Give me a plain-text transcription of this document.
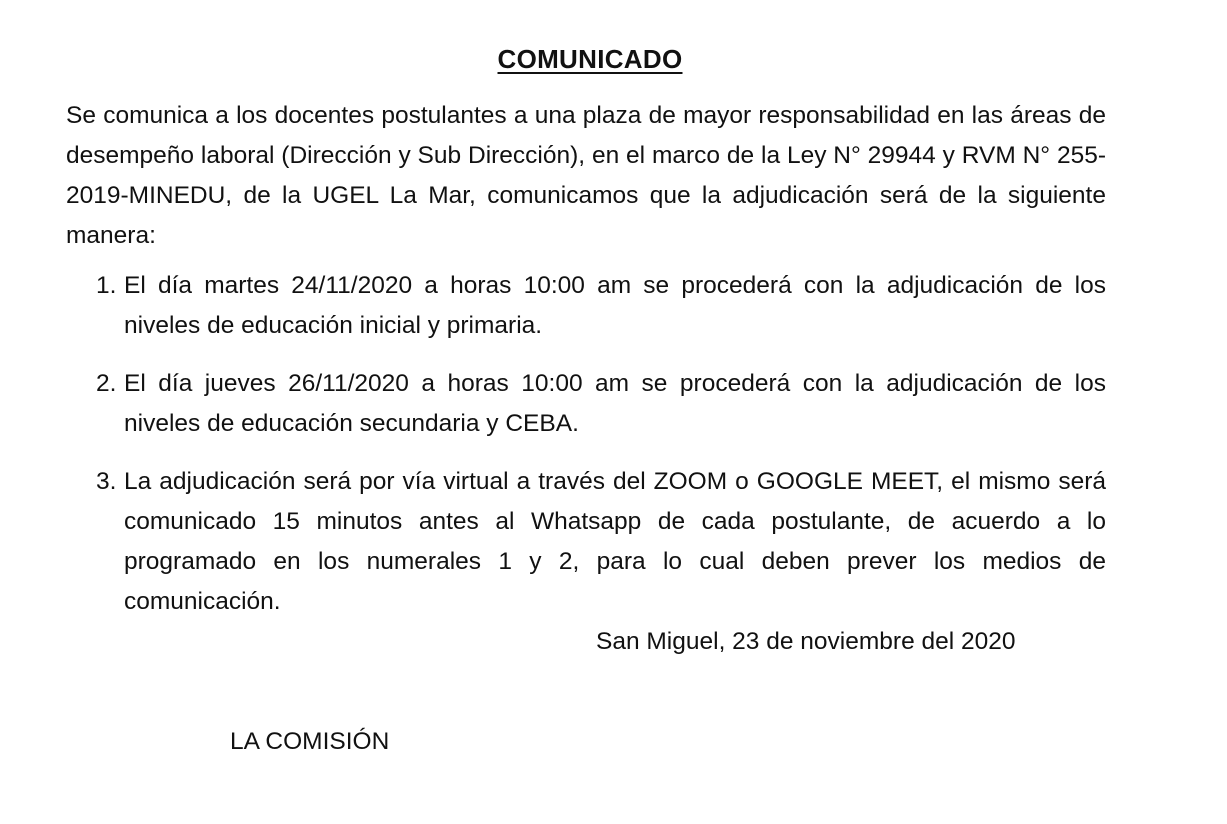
COMUNICADO

Se comunica a los docentes postulantes a una plaza de mayor responsabilidad en las áreas de desempeño laboral (Dirección y Sub Dirección), en el marco de la Ley N° 29944 y RVM N° 255-2019-MINEDU, de la UGEL La Mar, comunicamos que la adjudicación será de la siguiente manera:

1. El día martes 24/11/2020 a horas 10:00 am se procederá con la adjudicación de los niveles de educación inicial y primaria.
2. El día jueves 26/11/2020 a horas 10:00 am se procederá con la adjudicación de los niveles de educación secundaria y CEBA.
3. La adjudicación será por vía virtual a través del ZOOM o GOOGLE MEET, el mismo será comunicado 15 minutos antes al Whatsapp de cada postulante, de acuerdo a lo programado en los numerales 1 y 2, para lo cual deben prever los medios de comunicación.
San Miguel, 23 de noviembre del 2020
LA COMISIÓN
